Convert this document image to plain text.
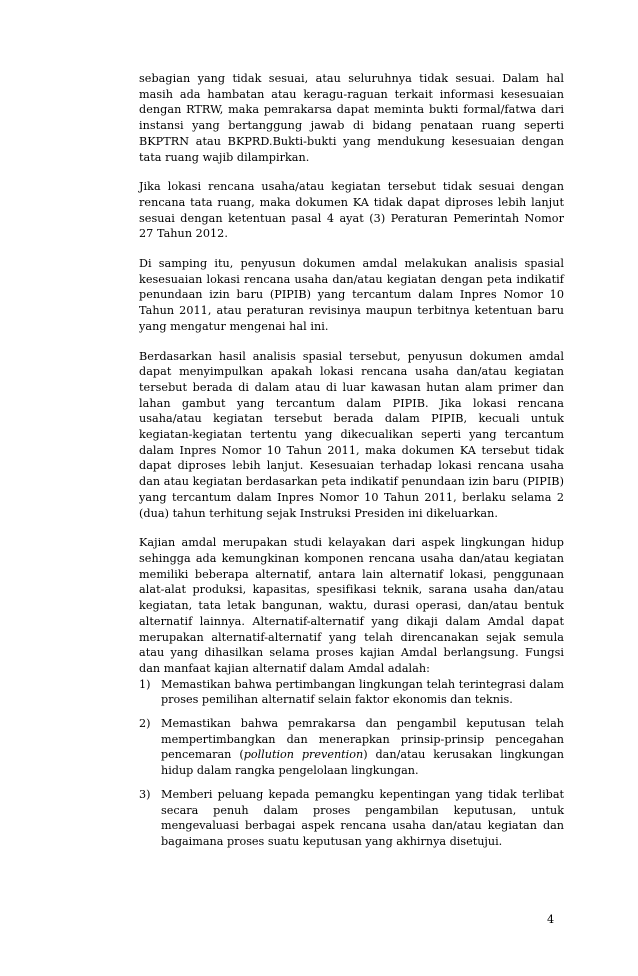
sebagian yang tidak sesuai, atau seluruhnya tidak sesuai. Dalam hal masih ada hambatan atau keragu-raguan terkait informasi kesesuaian dengan RTRW, maka pemrakarsa dapat meminta bukti formal/fatwa dari instansi yang bertanggung jawab di bidang penataan ruang seperti BKPTRN atau BKPRD.Bukti-bukti yang mendukung kesesuaian dengan tata ruang wajib dilampirkan.

Jika lokasi rencana usaha/atau kegiatan tersebut tidak sesuai dengan rencana tata ruang, maka dokumen KA tidak dapat diproses lebih lanjut sesuai dengan ketentuan pasal 4 ayat (3) Peraturan Pemerintah Nomor 27 Tahun 2012.

Di samping itu, penyusun dokumen amdal melakukan analisis spasial kesesuaian lokasi rencana usaha dan/atau kegiatan dengan peta indikatif penundaan izin baru (PIPIB) yang tercantum dalam Inpres Nomor 10 Tahun 2011, atau peraturan revisinya maupun terbitnya ketentuan baru yang mengatur mengenai hal ini.

Berdasarkan hasil analisis spasial tersebut, penyusun dokumen amdal dapat menyimpulkan apakah lokasi rencana usaha dan/atau kegiatan tersebut berada di dalam atau di luar kawasan hutan alam primer dan lahan gambut yang tercantum dalam PIPIB. Jika lokasi rencana usaha/atau kegiatan tersebut berada dalam PIPIB, kecuali untuk kegiatan-kegiatan tertentu yang dikecualikan seperti yang tercantum dalam Inpres Nomor 10 Tahun 2011, maka dokumen KA tersebut tidak dapat diproses lebih lanjut. Kesesuaian terhadap lokasi rencana usaha dan atau kegiatan berdasarkan peta indikatif penundaan izin baru (PIPIB) yang tercantum dalam Inpres Nomor 10 Tahun 2011, berlaku selama 2 (dua) tahun terhitung sejak Instruksi Presiden ini dikeluarkan.

Kajian amdal merupakan studi kelayakan dari aspek lingkungan hidup sehingga ada kemungkinan komponen rencana usaha dan/atau kegiatan memiliki beberapa alternatif, antara lain alternatif lokasi, penggunaan alat-alat produksi, kapasitas, spesifikasi teknik, sarana usaha dan/atau kegiatan, tata letak bangunan, waktu, durasi operasi, dan/atau bentuk alternatif lainnya. Alternatif-alternatif yang dikaji dalam Amdal dapat merupakan alternatif-alternatif yang telah direncanakan sejak semula atau yang dihasilkan selama proses kajian Amdal berlangsung. Fungsi dan manfaat kajian alternatif dalam Amdal adalah:

1) Memastikan bahwa pertimbangan lingkungan telah terintegrasi dalam proses pemilihan alternatif selain faktor ekonomis dan teknis.
2) Memastikan bahwa pemrakarsa dan pengambil keputusan telah mempertimbangkan dan menerapkan prinsip-prinsip pencegahan pencemaran (pollution prevention) dan/atau kerusakan lingkungan hidup dalam rangka pengelolaan lingkungan.
3) Memberi peluang kepada pemangku kepentingan yang tidak terlibat secara penuh dalam proses pengambilan keputusan, untuk mengevaluasi berbagai aspek rencana usaha dan/atau kegiatan dan bagaimana proses suatu keputusan yang akhirnya disetujui.
4
